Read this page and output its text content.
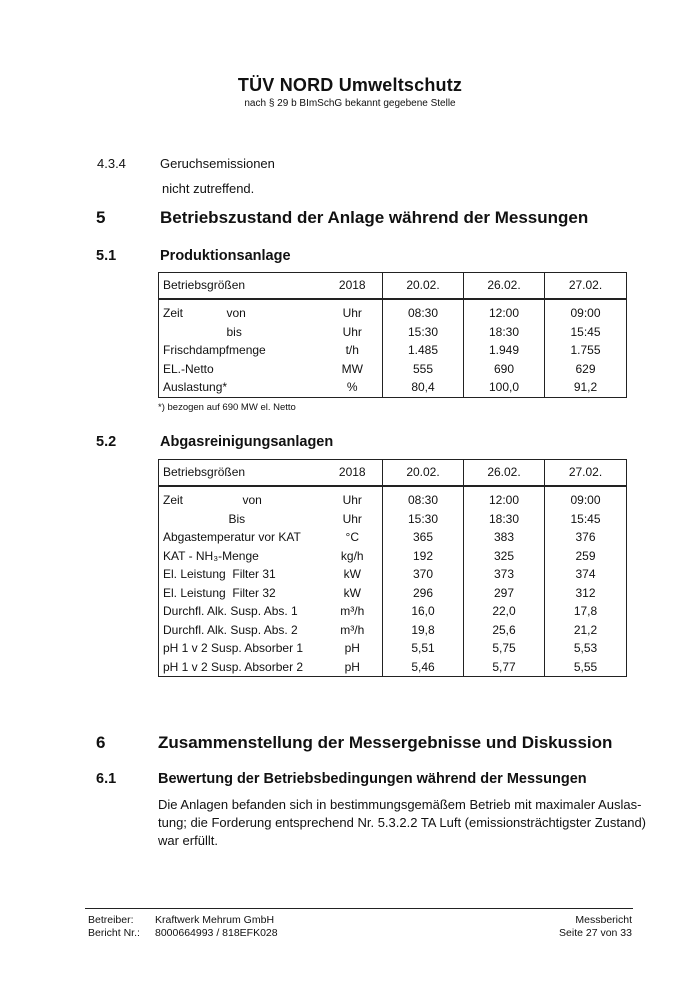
TÜV NORD Umweltschutz
nach § 29 b BImSchG bekannt gegebene Stelle
4.3.4	Geruchsemissionen
nicht zutreffend.
5	Betriebszustand der Anlage während der Messungen
5.1	Produktionsanlage
Betriebsgrößen		2018	20.02.	26.02.	27.02.
Zeit	von	Uhr	08:30	12:00	09:00
	bis	Uhr	15:30	18:30	15:45
Frischdampfmenge		t/h	1.485	1.949	1.755
EL.-Netto		MW	555	690	629
Auslastung*		%	80,4	100,0	91,2
*) bezogen auf 690 MW el. Netto
5.2	Abgasreinigungsanlagen
Betriebsgrößen		2018	20.02.	26.02.	27.02.
Zeit	von	Uhr	08:30	12:00	09:00
	Bis	Uhr	15:30	18:30	15:45
Abgastemperatur vor KAT		°C	365	383	376
KAT - NH₃-Menge		kg/h	192	325	259
El. Leistung  Filter 31		kW	370	373	374
El. Leistung  Filter 32		kW	296	297	312
Durchfl. Alk. Susp. Abs. 1		m³/h	16,0	22,0	17,8
Durchfl. Alk. Susp. Abs. 2		m³/h	19,8	25,6	21,2
pH 1 v 2 Susp. Absorber 1		pH	5,51	5,75	5,53
pH 1 v 2 Susp. Absorber 2		pH	5,46	5,77	5,55
6	Zusammenstellung der Messergebnisse und Diskussion
6.1	Bewertung der Betriebsbedingungen während der Messungen
Die Anlagen befanden sich in bestimmungsgemäßem Betrieb mit maximaler Auslas-
tung; die Forderung entsprechend Nr. 5.3.2.2 TA Luft (emissionsträchtigster Zustand)
war erfüllt.
Betreiber: Kraftwerk Mehrum GmbH
Bericht Nr.: 8000664993 / 818EFK028
Messbericht
Seite 27 von 33
